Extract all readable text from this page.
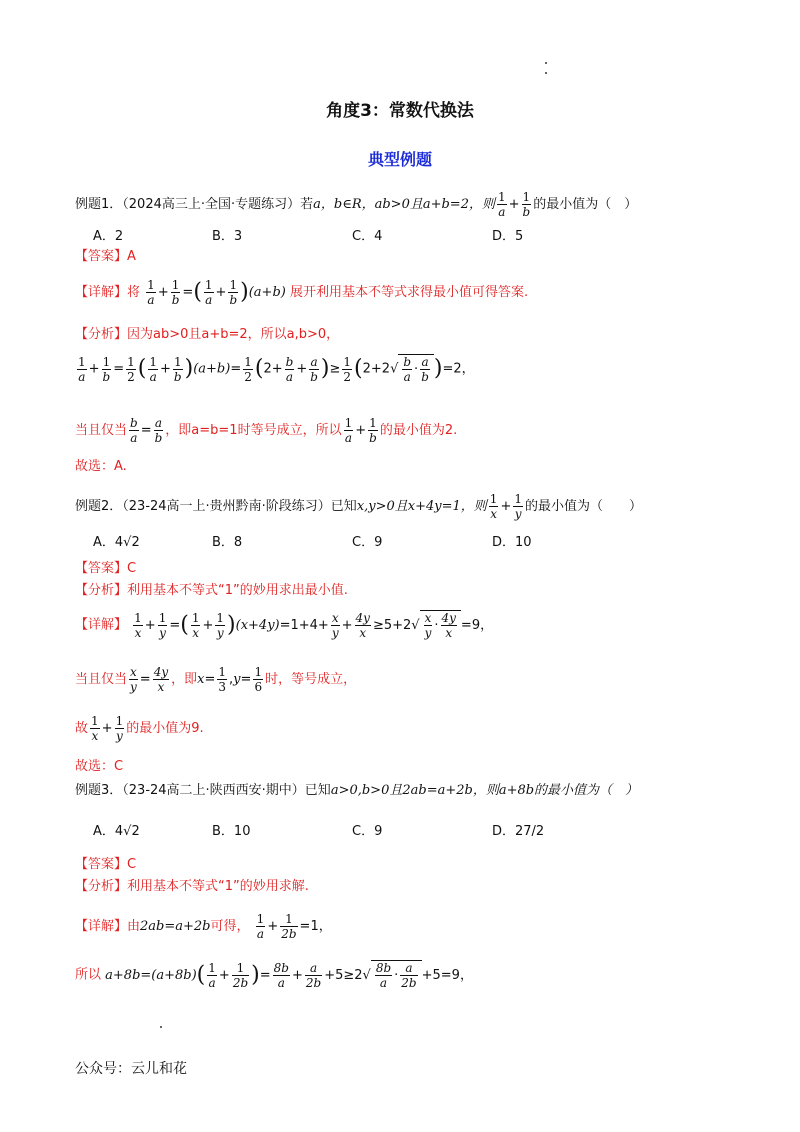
角度3：常数代换法
典型例题
例题1．（2024高三上·全国·专题练习）若a，b∈R，ab>0且a+b=2，则 $\frac{1}{a} + \frac{1}{b}$ 的最小值为（　）
A．2	B．3	C．4	D．5
【答案】A
【详解】将 $\frac{1}{a} + \frac{1}{b}$ =( $\frac{1}{a} + \frac{1}{b} )(a+b)$ 展开利用基本不等式求得最小值可得答案.
【分析】因为ab>0且a+b=2，所以a,b>0，
$\frac{1}{a} + \frac{1}{b} = \frac{1}{2}$ ( $\frac{1}{a} + \frac{1}{b} )(a+b)= \frac{1}{2} (2+ \frac{b}{a} + \frac{a}{b}$ )≥ $\frac{1}{2} (2+2√ \frac{b}{a} \cdot \frac{a}{b} )=2$，
当且仅当 $\frac{b}{a} = \frac{a}{b}$ ，即a=b=1时等号成立，所以 $\frac{1}{a} + \frac{1}{b}$ 的最小值为2.
故选：A.
例题2．（23-24高一上·贵州黔南·阶段练习）已知x,y>0且x+4y=1，则 $\frac{1}{x} + \frac{1}{y}$ 的最小值为（　　）
A．4√2	B．8	C．9	D．10
【答案】C
【分析】利用基本不等式“1”的妙用求出最小值.
【详解】 $\frac{1}{x} + \frac{1}{y}$ =( $\frac{1}{x} + \frac{1}{y} )(x+4y)=1+4+ \frac{x}{y} + \frac{4y}{x} \ge 5+2√ \frac{x}{y} \cdot \frac{4y}{x} =9$，
当且仅当 $\frac{x}{y} = \frac{4y}{x}$ ，即$x= \frac{1}{3} ,y= \frac{1}{6}$ 时，等号成立，
故 $\frac{1}{x} + \frac{1}{y}$ 的最小值为9.
故选：C
例题3．（23-24高二上·陕西西安·期中）已知a>0,b>0且2ab=a+2b，则a+8b的最小值为（　）
A．4√2	B．10	C．9	D．27/2
【答案】C
【分析】利用基本不等式“1”的妙用求解.
【详解】由2ab=a+2b可得， $\frac{1}{a} + \frac{1}{2b} =1$，
所以 $a+8b=(a+8b)( \frac{1}{a} + \frac{1}{2b}$ )= $\frac{8b}{a} + \frac{a}{2b} +5\ge 2√ \frac{8b}{a} \cdot \frac{a}{2b} +5=9$，
公众号：云儿和花
